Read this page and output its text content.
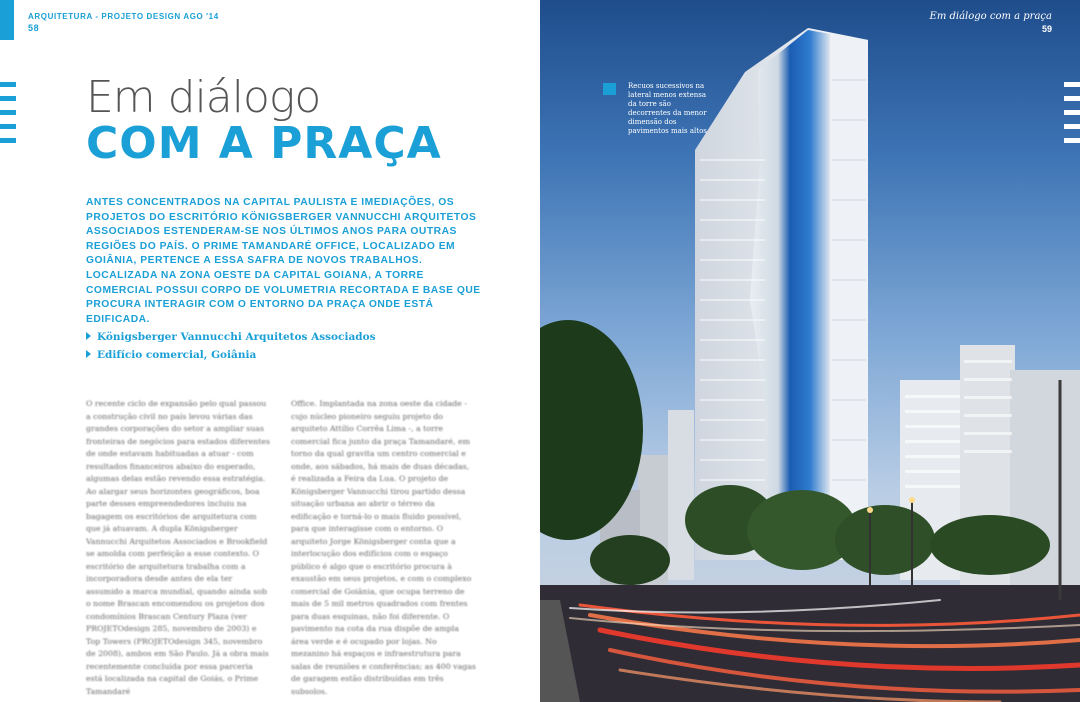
ARQUITETURA - PROJETO DESIGN AGO '14
58
Em diálogo
COM A PRAÇA
ANTES CONCENTRADOS NA CAPITAL PAULISTA E IMEDIAÇÕES, OS PROJETOS DO ESCRITÓRIO KÖNIGSBERGER VANNUCCHI ARQUITETOS ASSOCIADOS ESTENDERAM-SE NOS ÚLTIMOS ANOS PARA OUTRAS REGIÕES DO PAÍS. O PRIME TAMANDARÉ OFFICE, LOCALIZADO EM GOIÂNIA, PERTENCE A ESSA SAFRA DE NOVOS TRABALHOS. LOCALIZADA NA ZONA OESTE DA CAPITAL GOIANA, A TORRE COMERCIAL POSSUI CORPO DE VOLUMETRIA RECORTADA E BASE QUE PROCURA INTERAGIR COM O ENTORNO DA PRAÇA ONDE ESTÁ EDIFICADA.
Königsberger Vannucchi Arquitetos Associados
Edifício comercial, Goiânia
O recente ciclo de expansão pelo qual passou a construção civil no país levou várias das grandes corporações do setor a ampliar suas fronteiras de negócios para estados diferentes de onde estavam habituadas a atuar - com resultados financeiros abaixo do esperado, algumas delas estão revendo essa estratégia. Ao alargar seus horizontes geográficos, boa parte desses empreendedores incluiu na bagagem os escritórios de arquitetura com que já atuavam. A dupla Königsberger Vannucchi Arquitetos Associados e Brookfield se amolda com perfeição a esse contexto. O escritório de arquitetura trabalha com a incorporadora desde antes de ela ter assumido a marca mundial, quando ainda sob o nome Brascan encomendou os projetos dos condomínios Brascan Century Plaza (ver PROJETOdesign 285, novembro de 2003) e Top Towers (PROJETOdesign 345, novembro de 2008), ambos em São Paulo. Já a obra mais recentemente concluída por essa parceria está localizada na capital de Goiás, o Prime Tamandaré
Office. Implantada na zona oeste da cidade - cujo núcleo pioneiro seguiu projeto do arquiteto Attílio Corrêa Lima -, a torre comercial fica junto da praça Tamandaré, em torno da qual gravita um centro comercial e onde, aos sábados, há mais de duas décadas, é realizada a Feira da Lua. O projeto de Königsberger Vannucchi tirou partido dessa situação urbana ao abrir o térreo da edificação e torná-lo o mais fluido possível, para que interagisse com o entorno. O arquiteto Jorge Königsberger conta que a interlocução dos edifícios com o espaço público é algo que o escritório procura à exaustão em seus projetos, e com o complexo comercial de Goiânia, que ocupa terreno de mais de 5 mil metros quadrados com frentes para duas esquinas, não foi diferente. O pavimento na cota da rua dispõe de ampla área verde e é ocupado por lojas. No mezanino há espaços e infraestrutura para salas de reuniões e conferências; as 400 vagas de garagem estão distribuídas em três subsolos.
Em diálogo com a praça
59
Recuos sucessivos na lateral menos extensa da torre são decorrentes da menor dimensão dos pavimentos mais altos
